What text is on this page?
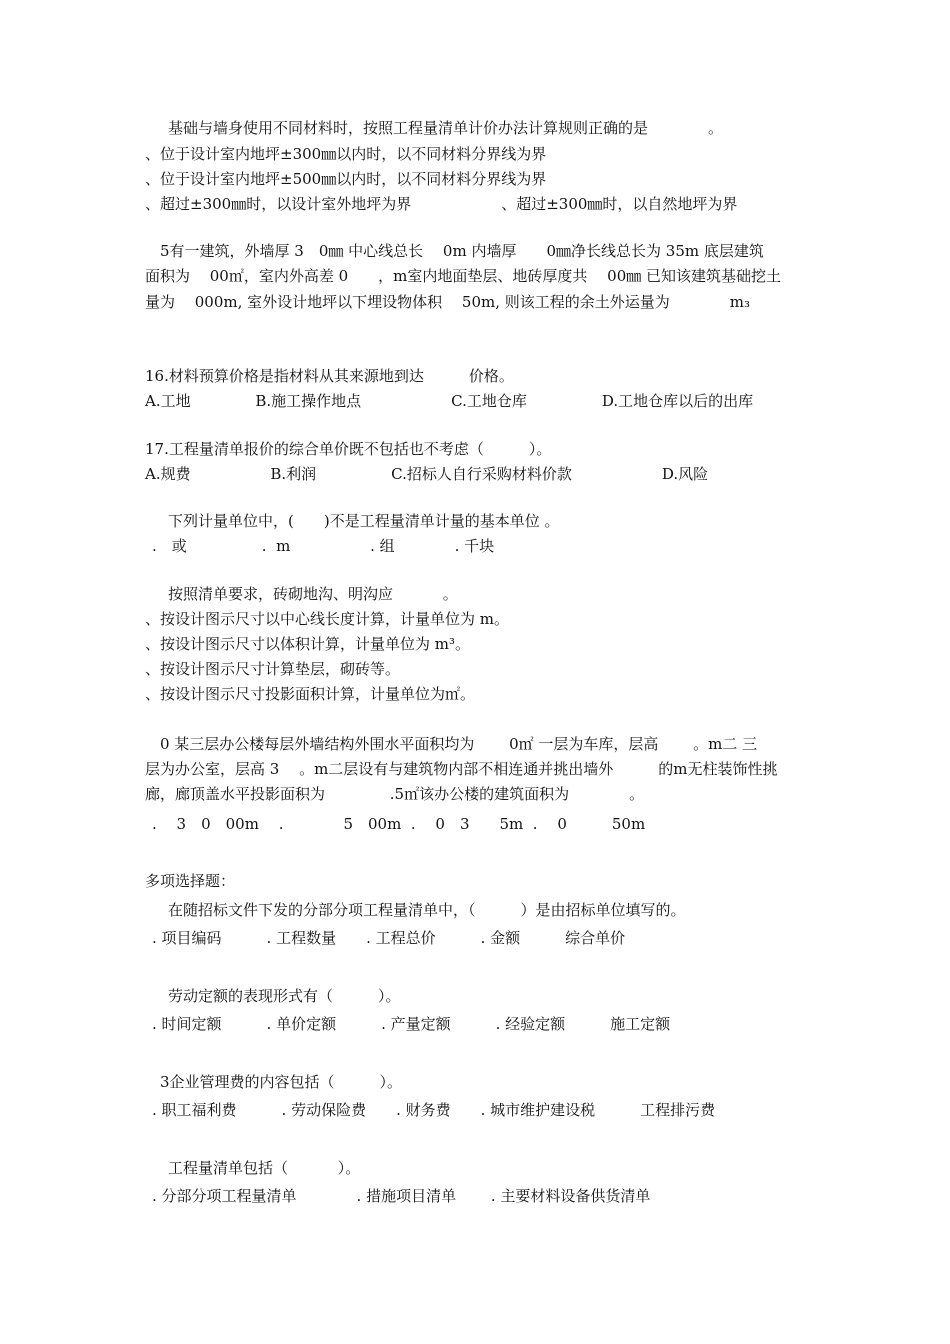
基础与墙身使用不同材料时，按照工程量清单计价办法计算规则正确的是　　　　。
、位于设计室内地坪±300㎜以内时，以不同材料分界线为界
、位于设计室内地坪±500㎜以内时，以不同材料分界线为界
、超过±300㎜时，以设计室外地坪为界　　　　　　、超过±300㎜时，以自然地坪为界
5有一建筑，外墙厚 3　0㎜ 中心线总长　 0m 内墙厚　　0㎜净长线总长为 35m 底层建筑
面积为　 00㎡，室内外高差 0　　，m室内地面垫层、地砖厚度共　 00㎜ 已知该建筑基础挖土
量为　 000m, 室外设计地坪以下埋设物体积　 50m, 则该工程的余土外运量为　　　　m₃
16.材料预算价格是指材料从其来源地到达　　　价格。
A.工地　　　　 B.施工操作地点　　　　　　C.工地仓库　　　　　D.工地仓库以后的出库
17.工程量清单报价的综合单价既不包括也不考虑（　　　）。
A.规费　　　　　 B.利润　　　　　C.招标人自行采购材料价款　　　　　　D.风险
下列计量单位中，(　　)不是工程量清单计量的基本单位 。
.　或　　　　　.  m　　　　　 . 组　　　　. 千块
按照清单要求，砖砌地沟、明沟应　　　 。
、按设计图示尺寸以中心线长度计算，计量单位为 m。
、按设计图示尺寸以体积计算，计量单位为 m³。
、按设计图示尺寸计算垫层，砌砖等。
、按设计图示尺寸投影面积计算，计量单位为㎡。
0 某三层办公楼每层外墙结构外围水平面积均为　　 0㎡ 一层为车库，层高　　 。m二 三
层为办公室，层高 3　 。m二层设有与建筑物内部不相连通并挑出墙外　　　的m无柱装饰性挑
廊，廊顶盖水平投影面积为　　　　 .5㎡该办公楼的建筑面积为　　　　。
.　 3　0　00m　 .　　　　5　00m  .　 0　3　　5m  .　 0　　　50m
多项选择题：
在随招标文件下发的分部分项工程量清单中，（　　　）是由招标单位填写的。
. 项目编码　　　. 工程数量　　. 工程总价　　　. 金额　　　综合单价
劳动定额的表现形式有（　　　）。
. 时间定额　　　. 单价定额　　　. 产量定额　　　. 经验定额　　　施工定额
3企业管理费的内容包括（　　　）。
. 职工福利费　　　. 劳动保险费　　. 财务费　　. 城市维护建设税　　　工程排污费
工程量清单包括（　　　 ）。
. 分部分项工程量清单　　　　. 措施项目清单　　 . 主要材料设备供货清单
